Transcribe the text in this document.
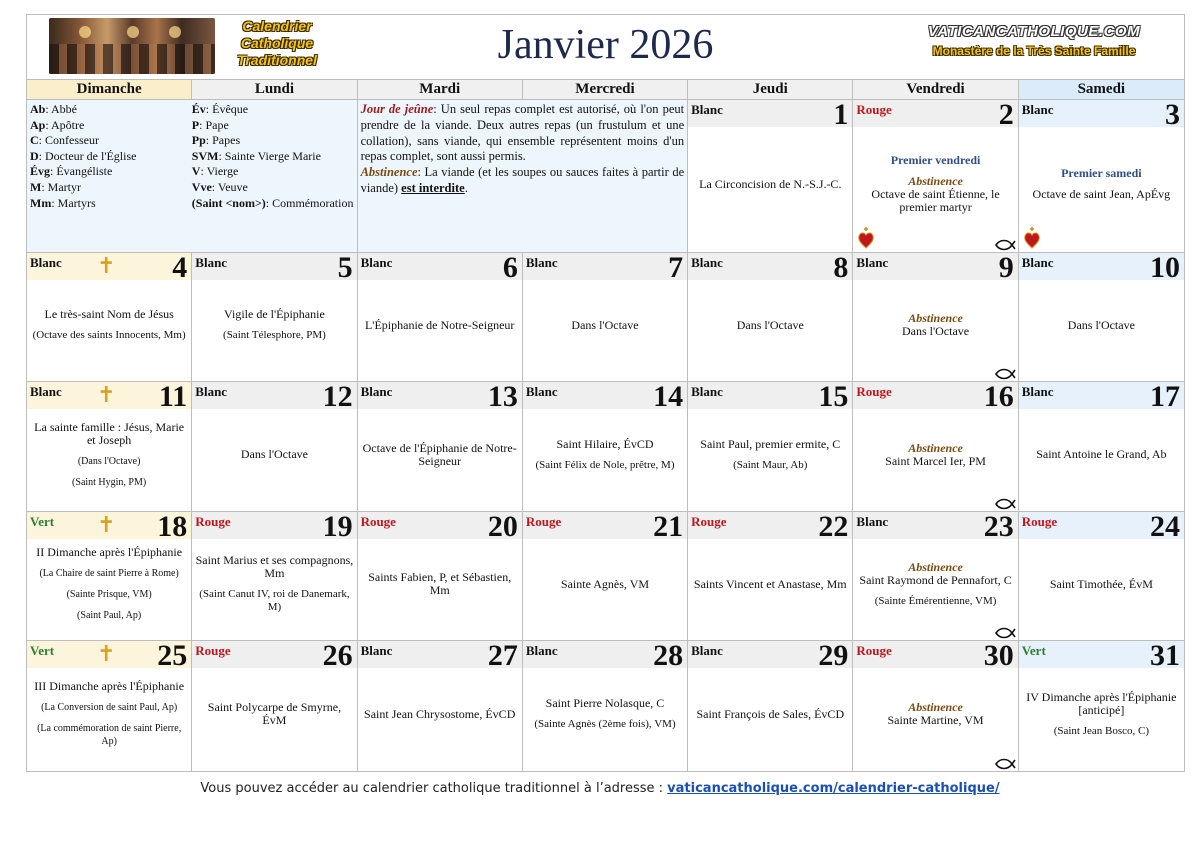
Calendrier
Catholique
Traditionnel	Janvier 2026	VATICANCATHOLIQUE.COM
Monastère de la Très Sainte Famille
Dimanche	Lundi	Mardi	Mercredi	Jeudi	Vendredi	Samedi
Ab: Abbé
Ap: Apôtre
C: Confesseur
D: Docteur de l'Église
Évg: Évangéliste
M: Martyr
Mm: Martyrs
Év: Évêque
P: Pape
Pp: Papes
SVM: Sainte Vierge Marie
V: Vierge
Vve: Veuve
(Saint <nom>): Commémoration
Jour de jeûne: Un seul repas complet est autorisé, où l'on peut prendre de la viande. Deux autres repas (un frustulum et une collation), sans viande, qui ensemble représentent moins d'un repas complet, sont aussi permis.
Abstinence: La viande (et les soupes ou sauces faites à partir de viande) est interdite.
Blanc	1
La Circoncision de N.-S.J.-C.
Rouge	2
Premier vendredi
Abstinence
Octave de saint Étienne, le premier martyr
Blanc	3
Premier samedi
Octave de saint Jean, ApÉvg
Blanc ✝ 4
Le très-saint Nom de Jésus
(Octave des saints Innocents, Mm)
Blanc	5
Vigile de l'Épiphanie
(Saint Télesphore, PM)
Blanc	6
L'Épiphanie de Notre-Seigneur
Blanc	7
Dans l'Octave
Blanc	8
Dans l'Octave
Blanc	9
Abstinence
Dans l'Octave
Blanc	10
Dans l'Octave
Blanc ✝ 11
La sainte famille : Jésus, Marie et Joseph
(Dans l'Octave)
(Saint Hygin, PM)
Blanc	12
Dans l'Octave
Blanc	13
Octave de l'Épiphanie de Notre-Seigneur
Blanc	14
Saint Hilaire, ÉvCD
(Saint Félix de Nole, prêtre, M)
Blanc	15
Saint Paul, premier ermite, C
(Saint Maur, Ab)
Rouge	16
Abstinence
Saint Marcel Ier, PM
Blanc	17
Saint Antoine le Grand, Ab
Vert ✝ 18
II Dimanche après l'Épiphanie
(La Chaire de saint Pierre à Rome)
(Sainte Prisque, VM)
(Saint Paul, Ap)
Rouge	19
Saint Marius et ses compagnons, Mm
(Saint Canut IV, roi de Danemark, M)
Rouge	20
Saints Fabien, P, et Sébastien, Mm
Rouge	21
Sainte Agnès, VM
Rouge	22
Saints Vincent et Anastase, Mm
Blanc	23
Abstinence
Saint Raymond de Pennafort, C
(Sainte Émérentienne, VM)
Rouge	24
Saint Timothée, ÉvM
Vert ✝ 25
III Dimanche après l'Épiphanie
(La Conversion de saint Paul, Ap)
(La commémoration de saint Pierre, Ap)
Rouge	26
Saint Polycarpe de Smyrne, ÉvM
Blanc	27
Saint Jean Chrysostome, ÉvCD
Blanc	28
Saint Pierre Nolasque, C
(Sainte Agnès (2ème fois), VM)
Blanc	29
Saint François de Sales, ÉvCD
Rouge	30
Abstinence
Sainte Martine, VM
Vert	31
IV Dimanche après l'Épiphanie [anticipé]
(Saint Jean Bosco, C)
Vous pouvez accéder au calendrier catholique traditionnel à l’adresse : vaticancatholique.com/calendrier-catholique/
